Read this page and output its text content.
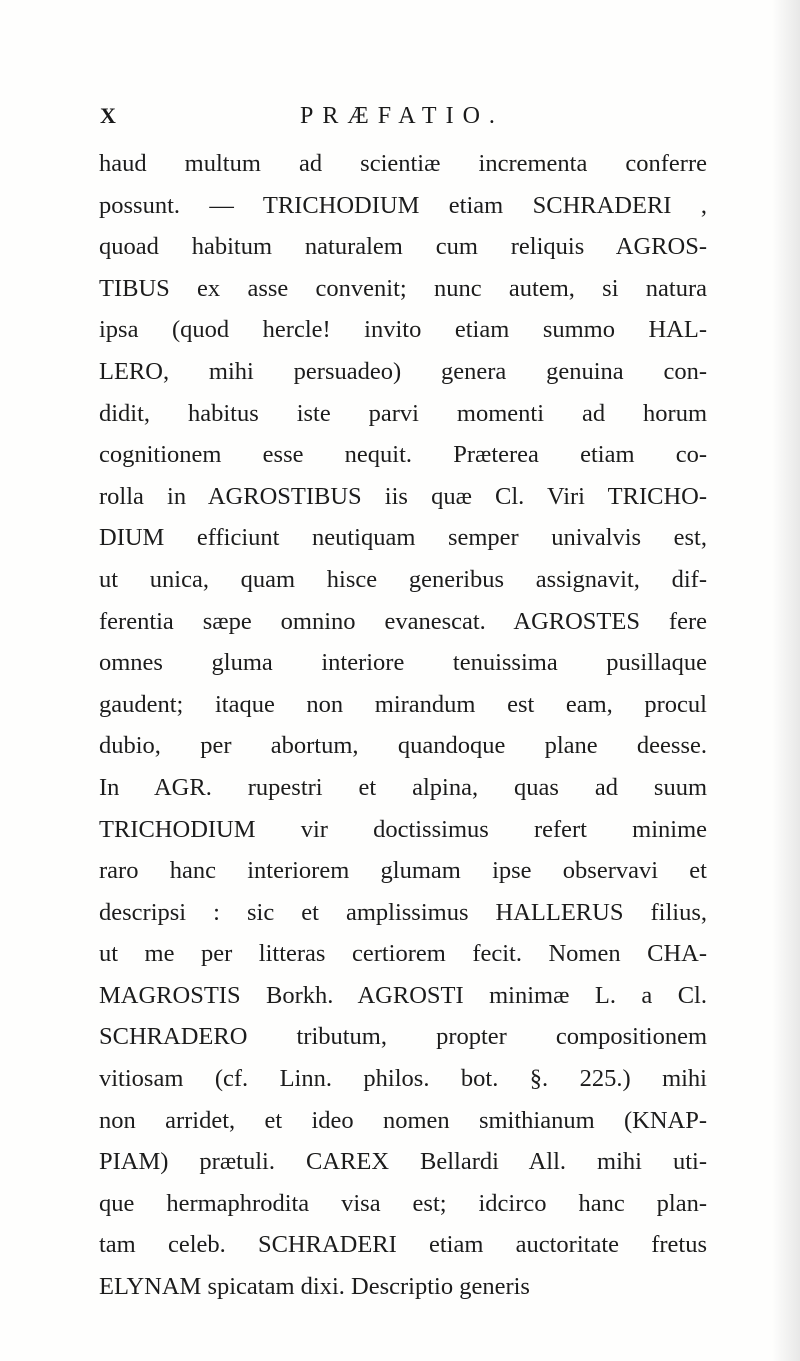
X	PRÆFATIO.
haud multum ad scientiæ incrementa conferre
possunt. — TRICHODIUM etiam SCHRADERI ,
quoad habitum naturalem cum reliquis AGROS-
TIBUS ex asse convenit; nunc autem, si natura
ipsa (quod hercle! invito etiam summo HAL-
LERO, mihi persuadeo) genera genuina con-
didit, habitus iste parvi momenti ad horum
cognitionem esse nequit. Præterea etiam co-
rolla in AGROSTIBUS iis quæ Cl. Viri TRICHO-
DIUM efficiunt neutiquam semper univalvis est,
ut unica, quam hisce generibus assignavit, dif-
ferentia sæpe omnino evanescat. AGROSTES fere
omnes gluma interiore tenuissima pusillaque
gaudent; itaque non mirandum est eam, procul
dubio, per abortum, quandoque plane deesse.
In AGR. rupestri et alpina, quas ad suum
TRICHODIUM vir doctissimus refert minime
raro hanc interiorem glumam ipse observavi et
descripsi : sic et amplissimus HALLERUS filius,
ut me per litteras certiorem fecit. Nomen CHA-
MAGROSTIS Borkh. AGROSTI minimæ L. a Cl.
SCHRADERO tributum, propter compositionem
vitiosam (cf. Linn. philos. bot. §. 225.) mihi
non arridet, et ideo nomen smithianum (KNAP-
PIAM) prætuli. CAREX Bellardi All. mihi uti-
que hermaphrodita visa est; idcirco hanc plan-
tam celeb. SCHRADERI etiam auctoritate fretus
ELYNAM spicatam dixi. Descriptio generis
